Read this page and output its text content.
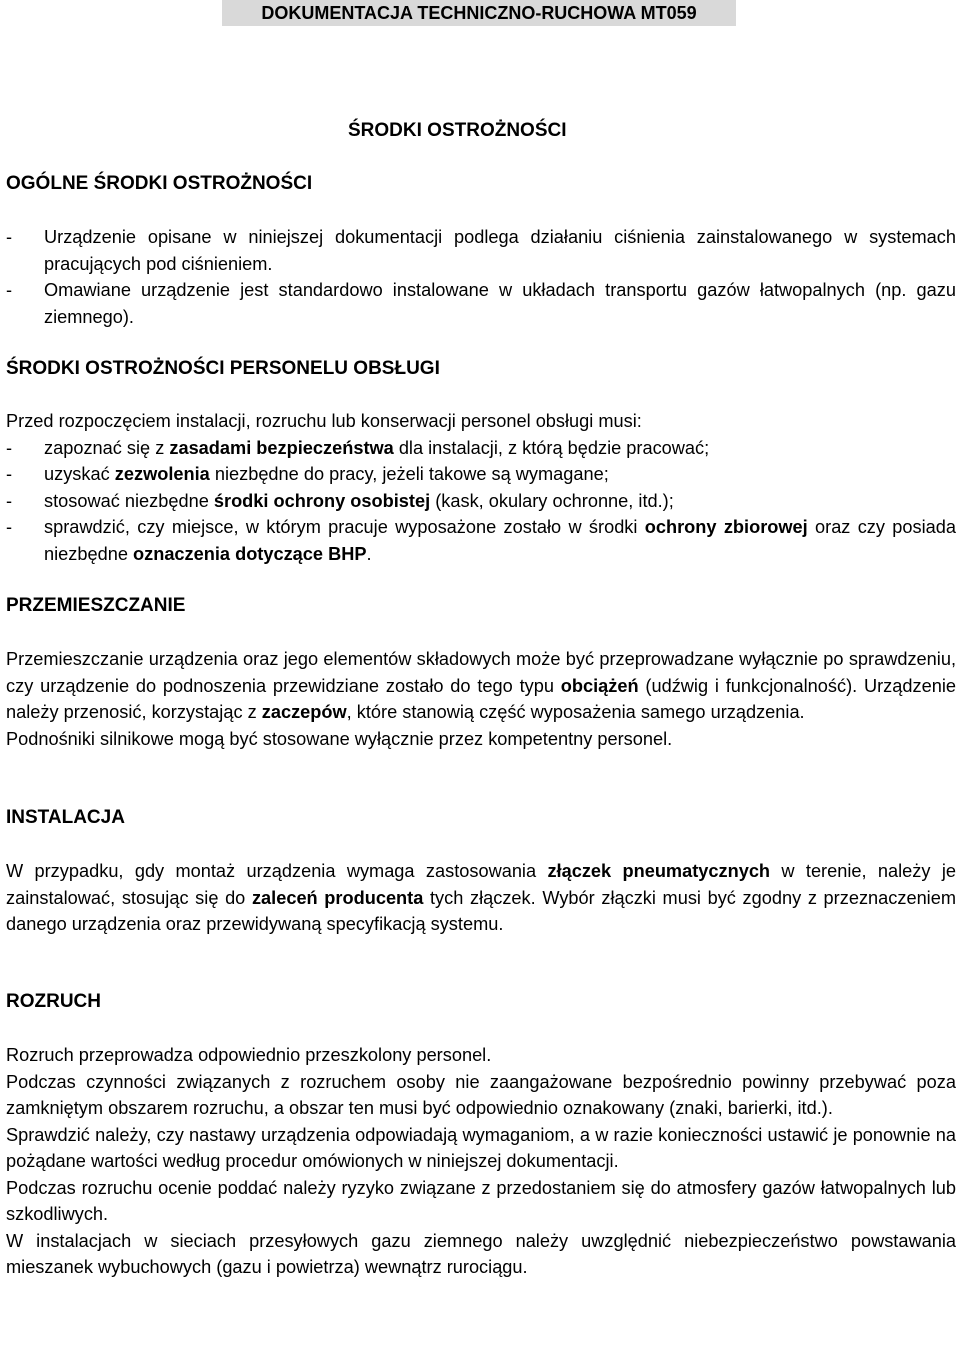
DOKUMENTACJA TECHNICZNO-RUCHOWA MT059
ŚRODKI OSTROŻNOŚCI
OGÓLNE ŚRODKI OSTROŻNOŚCI
-	Urządzenie opisane w niniejszej dokumentacji podlega działaniu ciśnienia zainstalowanego w systemach pracujących pod ciśnieniem.
-	Omawiane urządzenie jest standardowo instalowane w układach transportu gazów łatwopalnych (np. gazu ziemnego).
ŚRODKI OSTROŻNOŚCI PERSONELU OBSŁUGI

Przed rozpoczęciem instalacji, rozruchu lub konserwacji personel obsługi musi:

-	zapoznać się z zasadami bezpieczeństwa dla instalacji, z którą będzie pracować;
-	uzyskać zezwolenia niezbędne do pracy, jeżeli takowe są wymagane;
-	stosować niezbędne środki ochrony osobistej (kask, okulary ochronne, itd.);
-	sprawdzić, czy miejsce, w którym pracuje wyposażone zostało w środki ochrony zbiorowej oraz czy posiada niezbędne oznaczenia dotyczące BHP.
PRZEMIESZCZANIE

Przemieszczanie urządzenia oraz jego elementów składowych może być przeprowadzane wyłącznie po sprawdzeniu, czy urządzenie do podnoszenia przewidziane zostało do tego typu obciążeń (udźwig i funkcjonalność). Urządzenie należy przenosić, korzystając z zaczepów, które stanowią część wyposażenia samego urządzenia.

Podnośniki silnikowe mogą być stosowane wyłącznie przez kompetentny personel.

INSTALACJA

W przypadku, gdy montaż urządzenia wymaga zastosowania złączek pneumatycznych w terenie, należy je zainstalować, stosując się do zaleceń producenta tych złączek. Wybór złączki musi być zgodny z przeznaczeniem danego urządzenia oraz przewidywaną specyfikacją systemu.

ROZRUCH

Rozruch przeprowadza odpowiednio przeszkolony personel.

Podczas czynności związanych z rozruchem osoby nie zaangażowane bezpośrednio powinny przebywać poza zamkniętym obszarem rozruchu, a obszar ten musi być odpowiednio oznakowany (znaki, barierki, itd.).

Sprawdzić należy, czy nastawy urządzenia odpowiadają wymaganiom, a w razie konieczności ustawić je ponownie na pożądane wartości według procedur omówionych w niniejszej dokumentacji.

Podczas rozruchu ocenie poddać należy ryzyko związane z przedostaniem się do atmosfery gazów łatwopalnych lub szkodliwych.

W instalacjach w sieciach przesyłowych gazu ziemnego należy uwzględnić niebezpieczeństwo powstawania mieszanek wybuchowych (gazu i powietrza) wewnątrz rurociągu.
